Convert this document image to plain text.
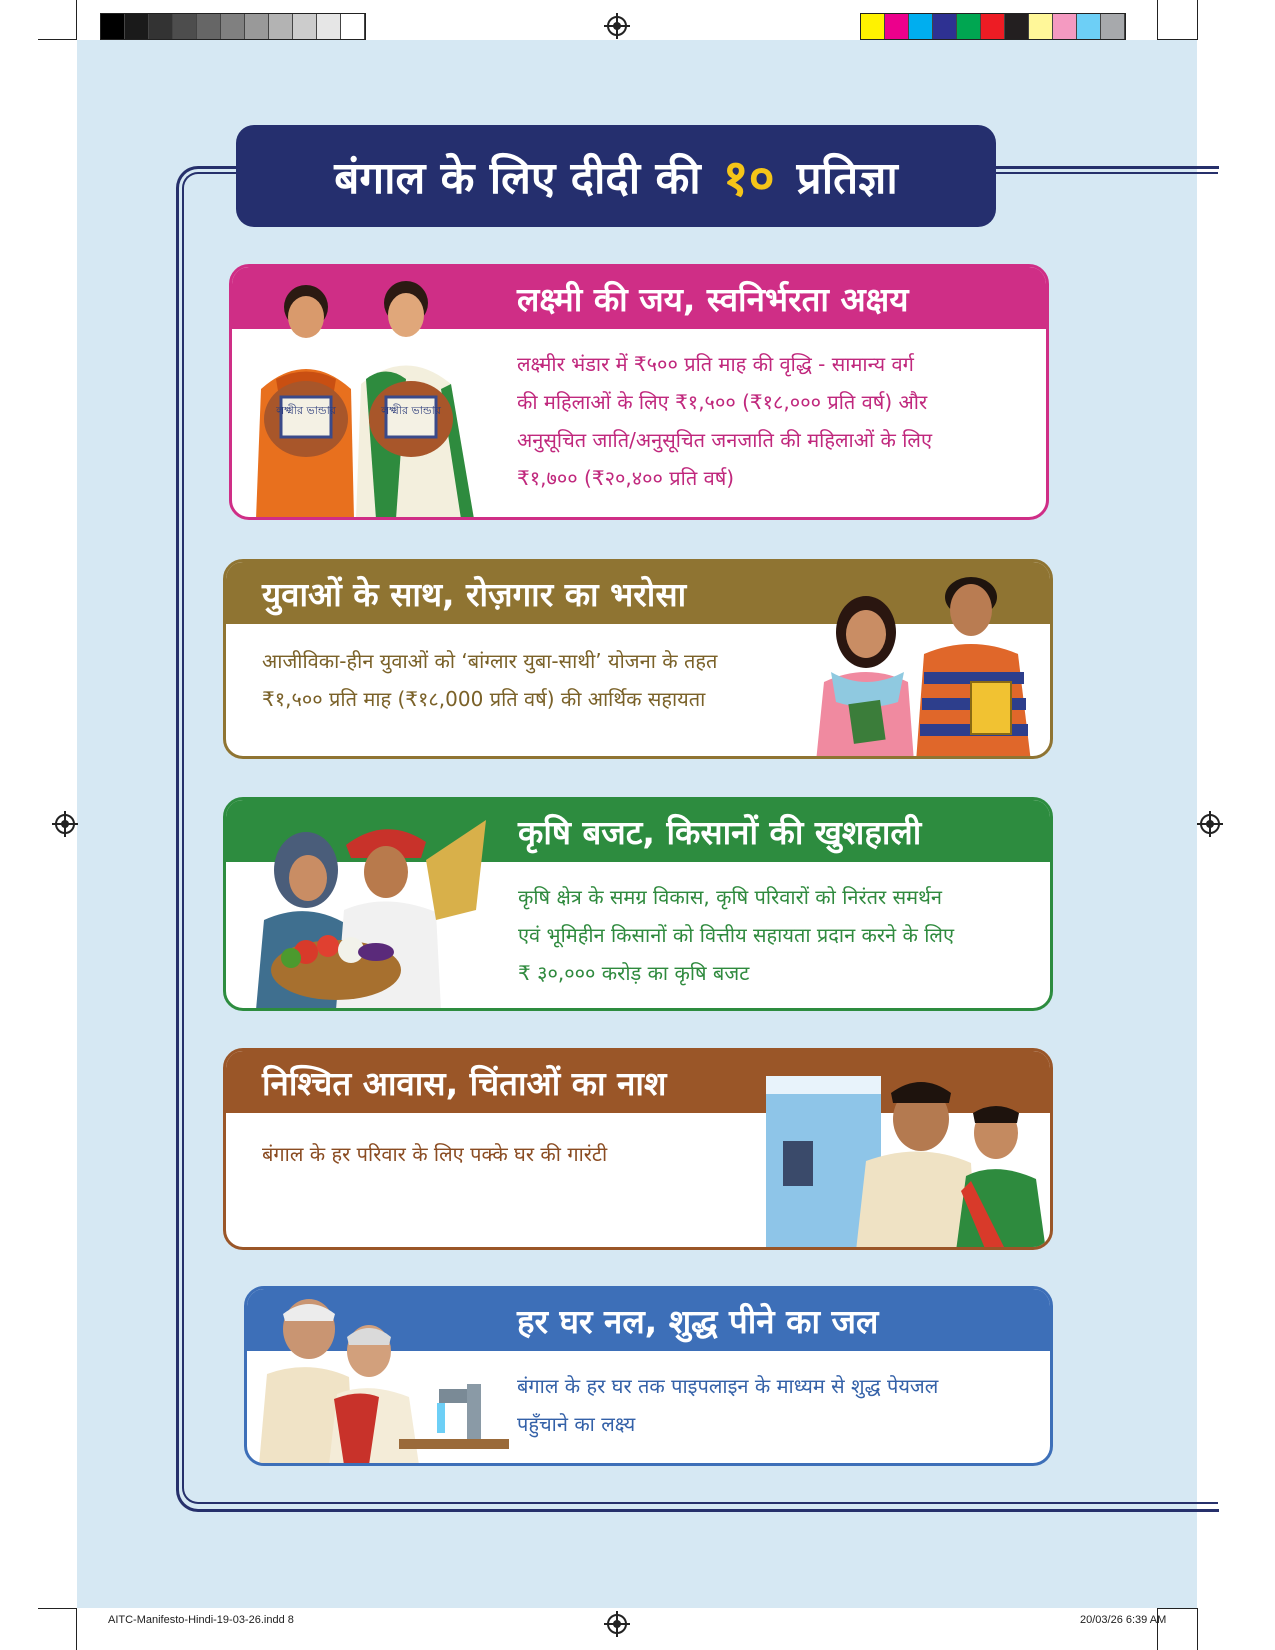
बंगाल के लिए दीदी की १० प्रतिज्ञा
लक्ष्मी की जय, स्वनिर्भरता अक्षय
लक्ष्मीर भंडार में ₹५०० प्रति माह की वृद्धि - सामान्य वर्ग
की महिलाओं के लिए ₹१,५०० (₹१८,००० प्रति वर्ष) और
अनुसूचित जाति/अनुसूचित जनजाति की महिलाओं के लिए
₹१,७०० (₹२०,४०० प्रति वर्ष)
লক্ষ্মীর ভান্ডার	লক্ষ্মীর ভান্ডার
युवाओं के साथ, रोज़गार का भरोसा
आजीविका-हीन युवाओं को ‘बांग्लार युबा-साथी’ योजना के तहत
₹१,५०० प्रति माह (₹१८,000 प्रति वर्ष) की आर्थिक सहायता
कृषि बजट, किसानों की खुशहाली
कृषि क्षेत्र के समग्र विकास, कृषि परिवारों को निरंतर समर्थन
एवं भूमिहीन किसानों को वित्तीय सहायता प्रदान करने के लिए
₹ ३०,००० करोड़ का कृषि बजट
निश्चित आवास, चिंताओं का नाश
बंगाल के हर परिवार के लिए पक्के घर की गारंटी
हर घर नल, शुद्ध पीने का जल
बंगाल के हर घर तक पाइपलाइन के माध्यम से शुद्ध पेयजल
पहुँचाने का लक्ष्य
AITC-Manifesto-Hindi-19-03-26.indd 8	20/03/26 6:39 AM
